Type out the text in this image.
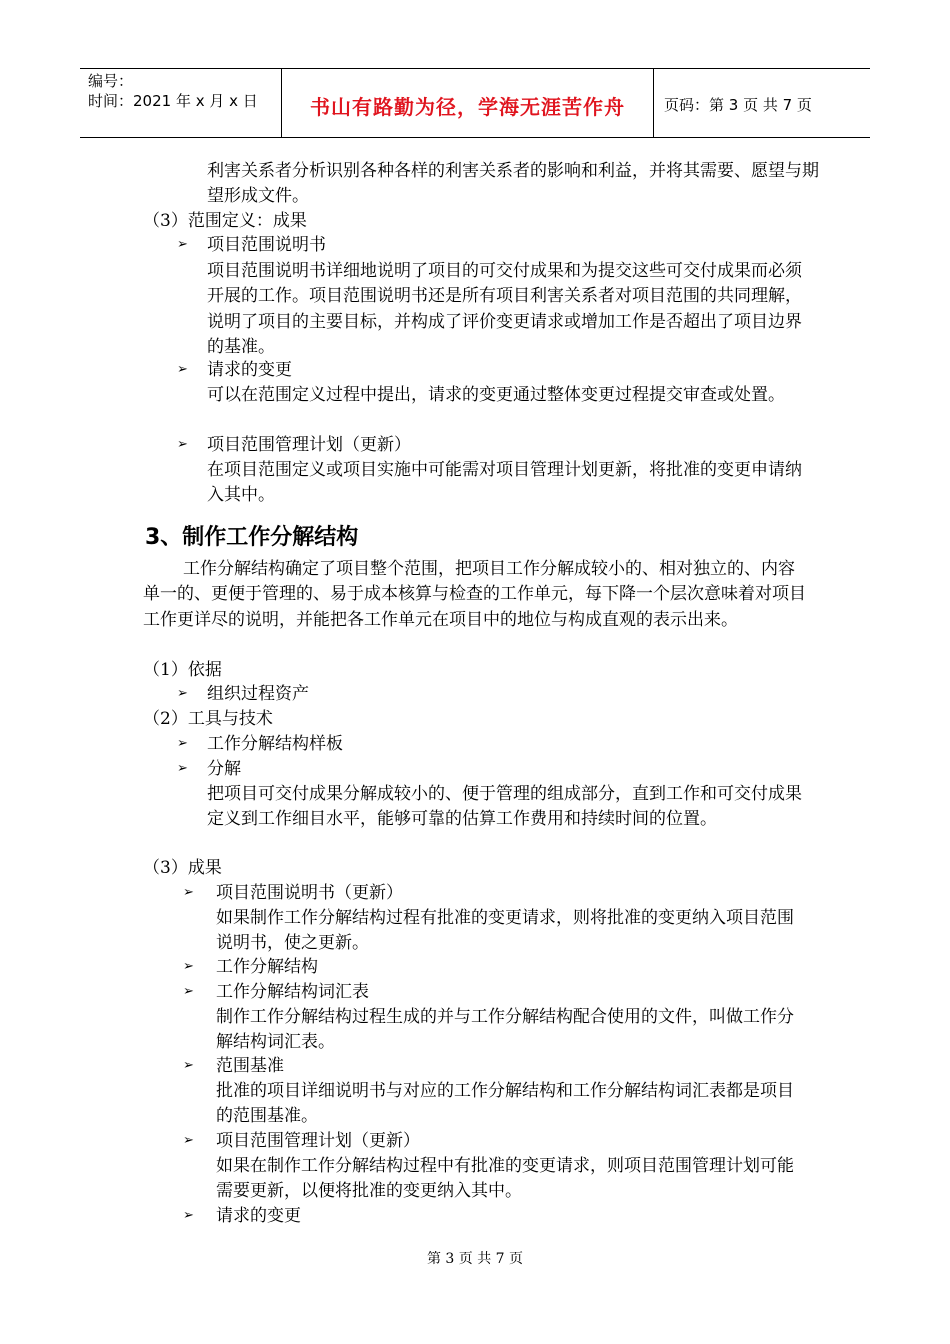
编号：
时间：2021 年 x 月 x 日	书山有路勤为径，学海无涯苦作舟	页码：第 3 页 共 7 页
利害关系者分析识别各种各样的利害关系者的影响和利益，并将其需要、愿望与期望形成文件。
（3）范围定义：成果
➢ 项目范围说明书
项目范围说明书详细地说明了项目的可交付成果和为提交这些可交付成果而必须开展的工作。项目范围说明书还是所有项目利害关系者对项目范围的共同理解，说明了项目的主要目标，并构成了评价变更请求或增加工作是否超出了项目边界的基准。
➢ 请求的变更
可以在范围定义过程中提出，请求的变更通过整体变更过程提交审查或处置。
➢ 项目范围管理计划（更新）
在项目范围定义或项目实施中可能需对项目管理计划更新，将批准的变更申请纳入其中。
3、制作工作分解结构
工作分解结构确定了项目整个范围，把项目工作分解成较小的、相对独立的、内容单一的、更便于管理的、易于成本核算与检查的工作单元，每下降一个层次意味着对项目工作更详尽的说明，并能把各工作单元在项目中的地位与构成直观的表示出来。
（1）依据
➢ 组织过程资产
（2）工具与技术
➢ 工作分解结构样板
➢ 分解
把项目可交付成果分解成较小的、便于管理的组成部分，直到工作和可交付成果定义到工作细目水平，能够可靠的估算工作费用和持续时间的位置。
（3）成果
➢ 项目范围说明书（更新）
如果制作工作分解结构过程有批准的变更请求，则将批准的变更纳入项目范围说明书，使之更新。
➢ 工作分解结构
➢ 工作分解结构词汇表
制作工作分解结构过程生成的并与工作分解结构配合使用的文件，叫做工作分解结构词汇表。
➢ 范围基准
批准的项目详细说明书与对应的工作分解结构和工作分解结构词汇表都是项目的范围基准。
➢ 项目范围管理计划（更新）
如果在制作工作分解结构过程中有批准的变更请求，则项目范围管理计划可能需要更新，以便将批准的变更纳入其中。
➢ 请求的变更
第 3 页 共 7 页
